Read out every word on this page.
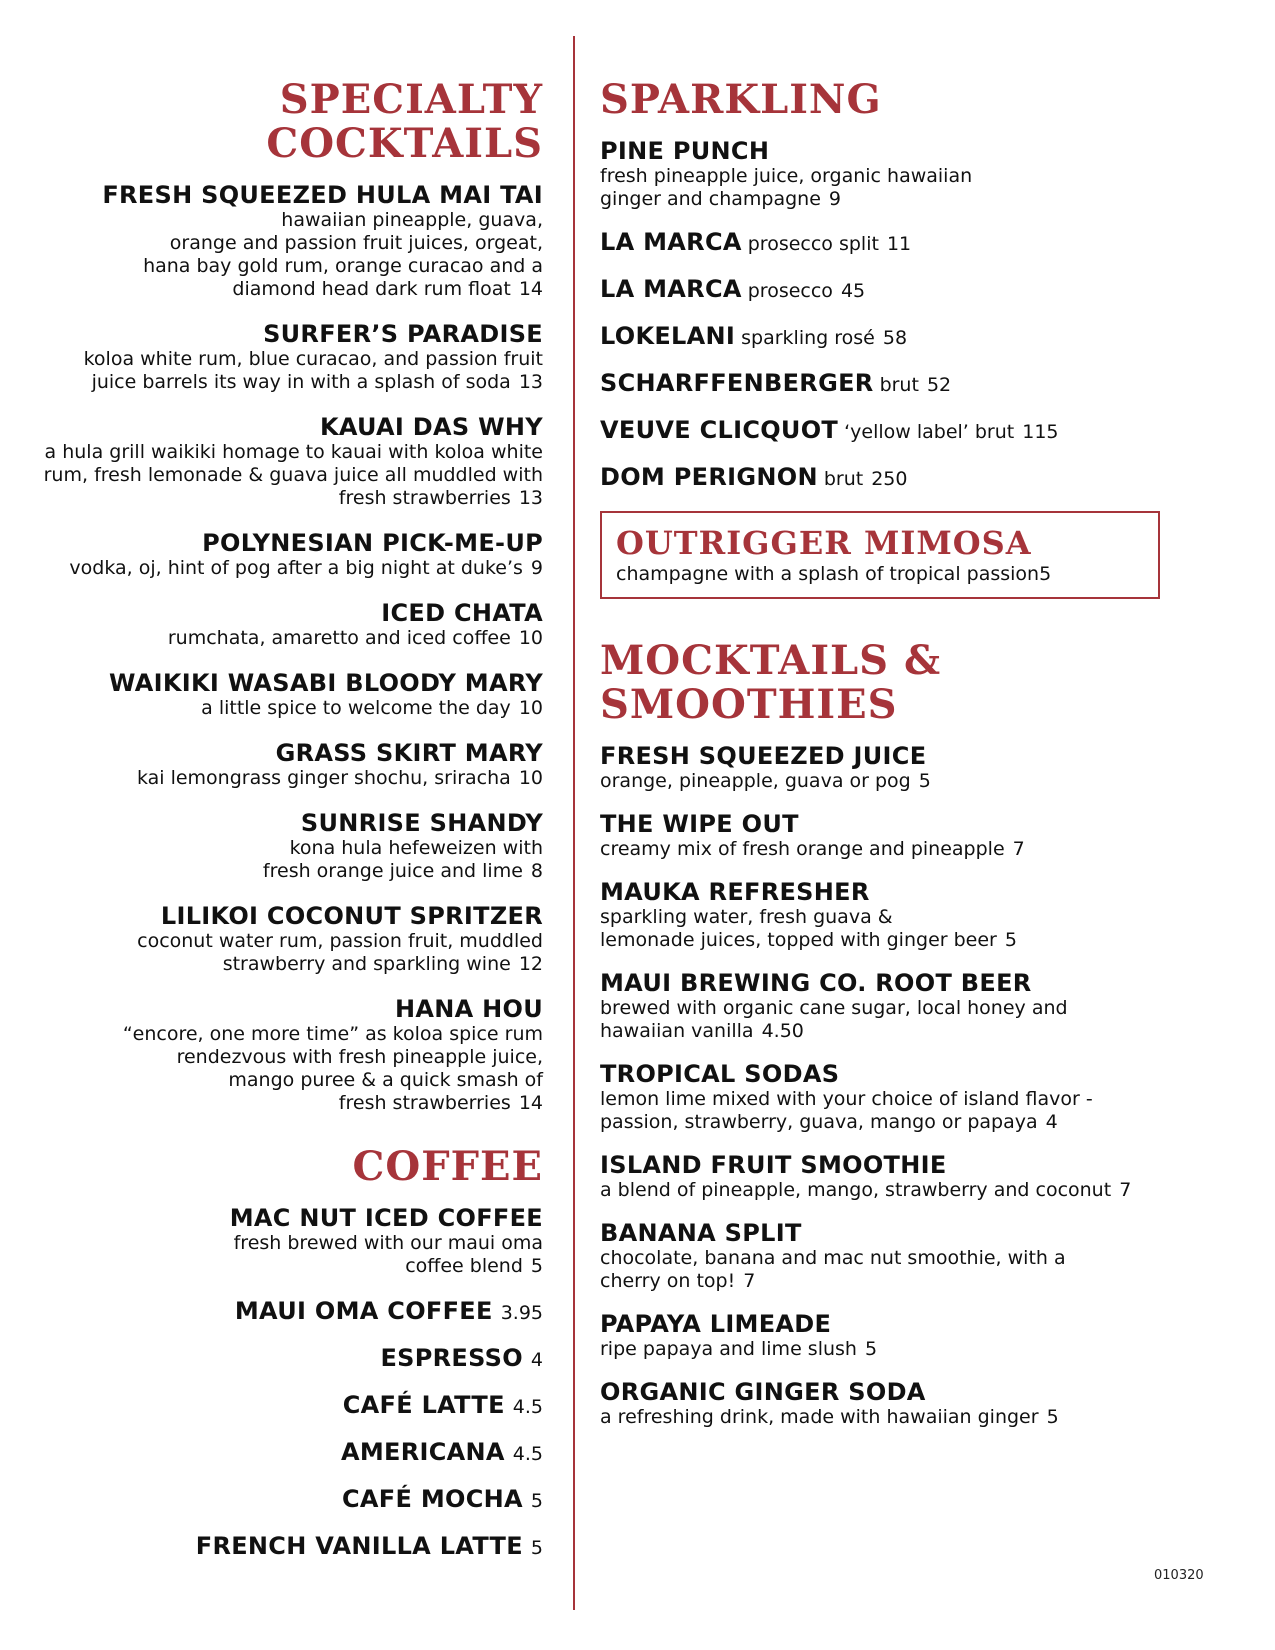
SPECIALTY
COCKTAILS
FRESH SQUEEZED HULA MAI TAI
hawaiian pineapple, guava,
orange and passion fruit juices, orgeat,
hana bay gold rum, orange curacao and a
diamond head dark rum float 14
SURFER’S PARADISE
koloa white rum, blue curacao, and passion fruit
juice barrels its way in with a splash of soda 13
KAUAI DAS WHY
a hula grill waikiki homage to kauai with koloa white
rum, fresh lemonade & guava juice all muddled with
fresh strawberries 13
POLYNESIAN PICK-ME-UP
vodka, oj, hint of pog after a big night at duke’s 9
ICED CHATA
rumchata, amaretto and iced coffee 10
WAIKIKI WASABI BLOODY MARY
a little spice to welcome the day 10
GRASS SKIRT MARY
kai lemongrass ginger shochu, sriracha 10
SUNRISE SHANDY
kona hula hefeweizen with
fresh orange juice and lime 8
LILIKOI COCONUT SPRITZER
coconut water rum, passion fruit, muddled
strawberry and sparkling wine 12
HANA HOU
“encore, one more time” as koloa spice rum
rendezvous with fresh pineapple juice,
mango puree & a quick smash of
fresh strawberries 14
COFFEE
MAC NUT ICED COFFEE
fresh brewed with our maui oma
coffee blend 5
MAUI OMA COFFEE 3.95
ESPRESSO 4
CAFÉ LATTE 4.5
AMERICANA 4.5
CAFÉ MOCHA 5
FRENCH VANILLA LATTE 5
SPARKLING
PINE PUNCH
fresh pineapple juice, organic hawaiian
ginger and champagne 9
LA MARCA prosecco split 11
LA MARCA prosecco 45
LOKELANI sparkling rosé 58
SCHARFFENBERGER brut 52
VEUVE CLICQUOT ‘yellow label’ brut 115
DOM PERIGNON brut 250
OUTRIGGER MIMOSA
champagne with a splash of tropical passion5
MOCKTAILS & SMOOTHIES
FRESH SQUEEZED JUICE
orange, pineapple, guava or pog 5
THE WIPE OUT
creamy mix of fresh orange and pineapple 7
MAUKA REFRESHER
sparkling water, fresh guava &
lemonade juices, topped with ginger beer 5
MAUI BREWING CO. ROOT BEER
brewed with organic cane sugar, local honey and
hawaiian vanilla 4.50
TROPICAL SODAS
lemon lime mixed with your choice of island flavor -
passion, strawberry, guava, mango or papaya 4
ISLAND FRUIT SMOOTHIE
a blend of pineapple, mango, strawberry and coconut 7
BANANA SPLIT
chocolate, banana and mac nut smoothie, with a
cherry on top! 7
PAPAYA LIMEADE
ripe papaya and lime slush 5
ORGANIC GINGER SODA
a refreshing drink, made with hawaiian ginger 5
010320
